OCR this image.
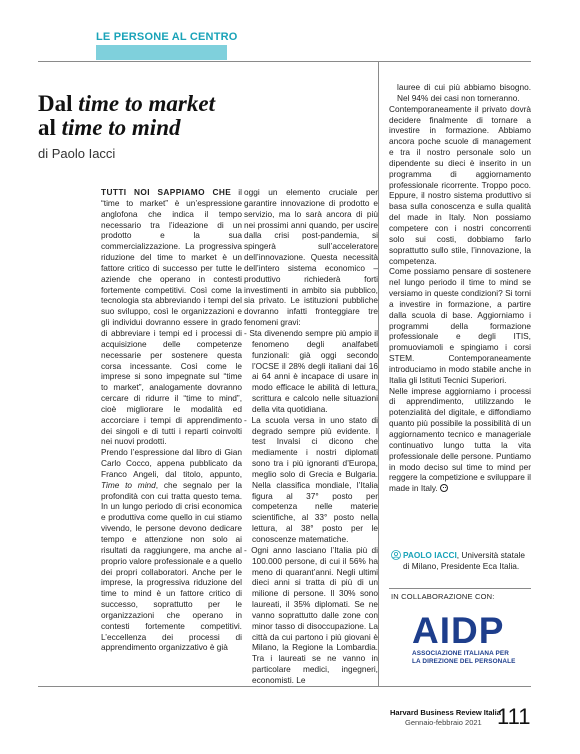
LE PERSONE AL CENTRO
Dal time to market
al time to mind
di Paolo Iacci

TUTTI NOI SAPPIAMO CHE il “time to market” è un’espressione anglofona che indica il tempo necessario tra l’ideazione di un prodotto e la sua commercializzazione. La progressiva riduzione del time to market è un fattore critico di successo per tutte le aziende che operano in contesti fortemente competitivi. Così come la tecnologia sta abbreviando i tempi del suo sviluppo, così le organizzazioni e gli individui dovranno essere in grado di abbreviare i tempi ed i processi di acquisizione delle competenze necessarie per sostenere questa corsa incessante. Così come le imprese si sono impegnate sul “time to market”, analogamente dovranno cercare di ridurre il “time to mind”, cioè migliorare le modalità ed accorciare i tempi di apprendimento dei singoli e di tutti i reparti coinvolti nei nuovi prodotti.

Prendo l’espressione dal libro di Gian Carlo Cocco, appena pubblicato da Franco Angeli, dal titolo, appunto, Time to mind, che segnalo per la profondità con cui tratta questo tema. In un lungo periodo di crisi economica e produttiva come quello in cui stiamo vivendo, le persone devono dedicare tempo e attenzione non solo ai risultati da raggiungere, ma anche al proprio valore professionale e a quello dei propri collaboratori. Anche per le imprese, la progressiva riduzione del time to mind è un fattore critico di successo, soprattutto per le organizzazioni che operano in contesti fortemente competitivi. L’eccellenza dei processi di apprendimento organizzativo è già

oggi un elemento cruciale per garantire innovazione di prodotto e servizio, ma lo sarà ancora di più nei prossimi anni quando, per uscire dalla crisi post-pandemia, si spingerà sull’acceleratore dell’innovazione. Questa necessità dell’intero sistema economico – produttivo richiederà forti investimenti in ambito sia pubblico, sia privato. Le istituzioni pubbliche dovranno infatti fronteggiare tre fenomeni gravi:

- Sta divenendo sempre più ampio il fenomeno degli analfabeti funzionali: già oggi secondo l’OCSE il 28% degli italiani dai 16 ai 64 anni è incapace di usare in modo efficace le abilità di lettura, scrittura e calcolo nelle situazioni della vita quotidiana.

- La scuola versa in uno stato di degrado sempre più evidente. I test Invalsi ci dicono che mediamente i nostri diplomati sono tra i più ignoranti d’Europa, meglio solo di Grecia e Bulgaria. Nella classifica mondiale, l’Italia figura al 37° posto per competenza nelle materie scientifiche, al 33° posto nella lettura, al 38° posto per le conoscenze matematiche.

- Ogni anno lasciano l’Italia più di 100.000 persone, di cui il 56% ha meno di quarant’anni. Negli ultimi dieci anni si tratta di più di un milione di persone. Il 30% sono laureati, il 35% diplomati. Se ne vanno soprattutto dalle zone con minor tasso di disoccupazione. La città da cui partono i più giovani è Milano, la Regione la Lombardia. Tra i laureati se ne vanno in particolare medici, ingegneri, economisti. Le

lauree di cui più abbiamo bisogno. Nel 94% dei casi non torneranno.

Contemporaneamente il privato dovrà decidere finalmente di tornare a investire in formazione. Abbiamo ancora poche scuole di management e tra il nostro personale solo un dipendente su dieci è inserito in un programma di aggiornamento professionale ricorrente. Troppo poco. Eppure, il nostro sistema produttivo si basa sulla conoscenza e sulla qualità del made in Italy. Non possiamo competere con i nostri concorrenti solo sui costi, dobbiamo farlo soprattutto sullo stile, l’innovazione, la competenza.

Come possiamo pensare di sostenere nel lungo periodo il time to mind se versiamo in queste condizioni? Si torni a investire in formazione, a partire dalla scuola di base. Aggiorniamo i programmi della formazione professionale e degli ITIS, promuoviamoli e spingiamo i corsi STEM. Contemporaneamente introduciamo in modo stabile anche in Italia gli Istituti Tecnici Superiori.

Nelle imprese aggiorniamo i processi di apprendimento, utilizzando le potenzialità del digitale, e diffondiamo quanto più possibile la possibilità di un aggiornamento tecnico e manageriale continuativo lungo tutta la vita professionale delle persone. Puntiamo in modo deciso sul time to mind per reggere la competizione e sviluppare il made in Italy.

PAOLO IACCI, Università statale di Milano, Presidente Eca Italia.
IN COLLABORAZIONE CON:
AIDP
ASSOCIAZIONE ITALIANA PER
LA DIREZIONE DEL PERSONALE
Harvard Business Review Italia
Gennaio-febbraio 2021 111
